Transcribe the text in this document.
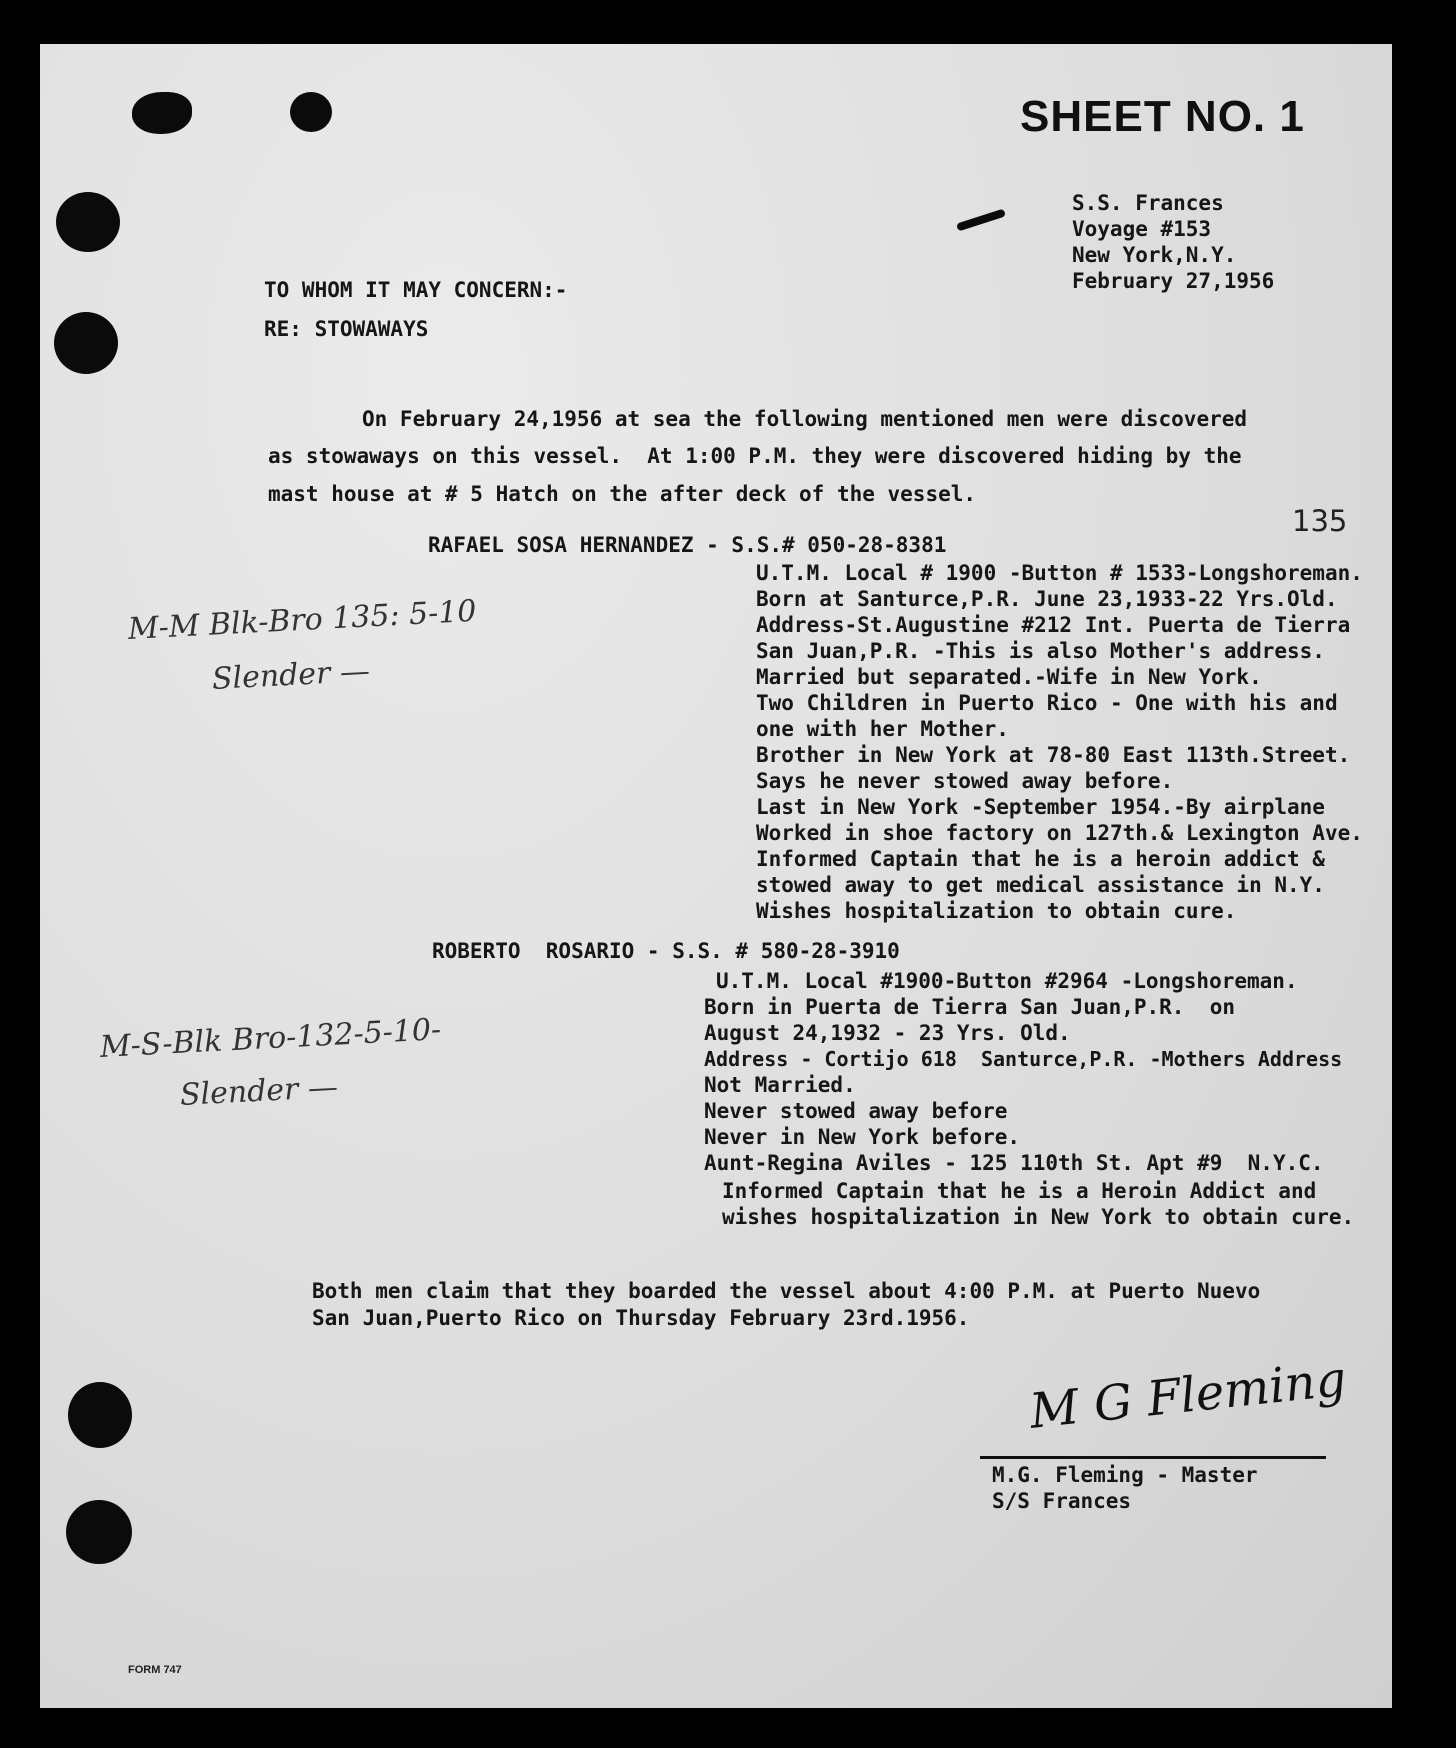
SHEET NO. 1
135
S.S. Frances
Voyage #153
New York,N.Y.
February 27,1956
TO WHOM IT MAY CONCERN:-
RE: STOWAWAYS
On February 24,1956 at sea the following mentioned men were discovered
as stowaways on this vessel.  At 1:00 P.M. they were discovered hiding by the
mast house at # 5 Hatch on the after deck of the vessel.
RAFAEL SOSA HERNANDEZ - S.S.# 050-28-8381
U.T.M. Local # 1900 -Button # 1533-Longshoreman.
Born at Santurce,P.R. June 23,1933-22 Yrs.Old.
Address-St.Augustine #212 Int. Puerta de Tierra
San Juan,P.R. -This is also Mother's address.
Married but separated.-Wife in New York.
Two Children in Puerto Rico - One with his and
one with her Mother.
Brother in New York at 78-80 East 113th.Street.
Says he never stowed away before.
Last in New York -September 1954.-By airplane
Worked in shoe factory on 127th.& Lexington Ave.
Informed Captain that he is a heroin addict &
stowed away to get medical assistance in N.Y.
Wishes hospitalization to obtain cure.
M-M Blk-Bro 135: 5-10
Slender —
ROBERTO  ROSARIO - S.S. # 580-28-3910
U.T.M. Local #1900-Button #2964 -Longshoreman.
Born in Puerta de Tierra San Juan,P.R.  on
August 24,1932 - 23 Yrs. Old.
Address - Cortijo 618  Santurce,P.R. -Mothers Address
Not Married.
Never stowed away before
Never in New York before.
Aunt-Regina Aviles - 125 110th St. Apt #9  N.Y.C.
Informed Captain that he is a Heroin Addict and
wishes hospitalization in New York to obtain cure.
M-S-Blk Bro-132-5-10-
Slender —
Both men claim that they boarded the vessel about 4:00 P.M. at Puerto Nuevo
San Juan,Puerto Rico on Thursday February 23rd.1956.
M G Fleming
M.G. Fleming - Master
S/S Frances
FORM 747
